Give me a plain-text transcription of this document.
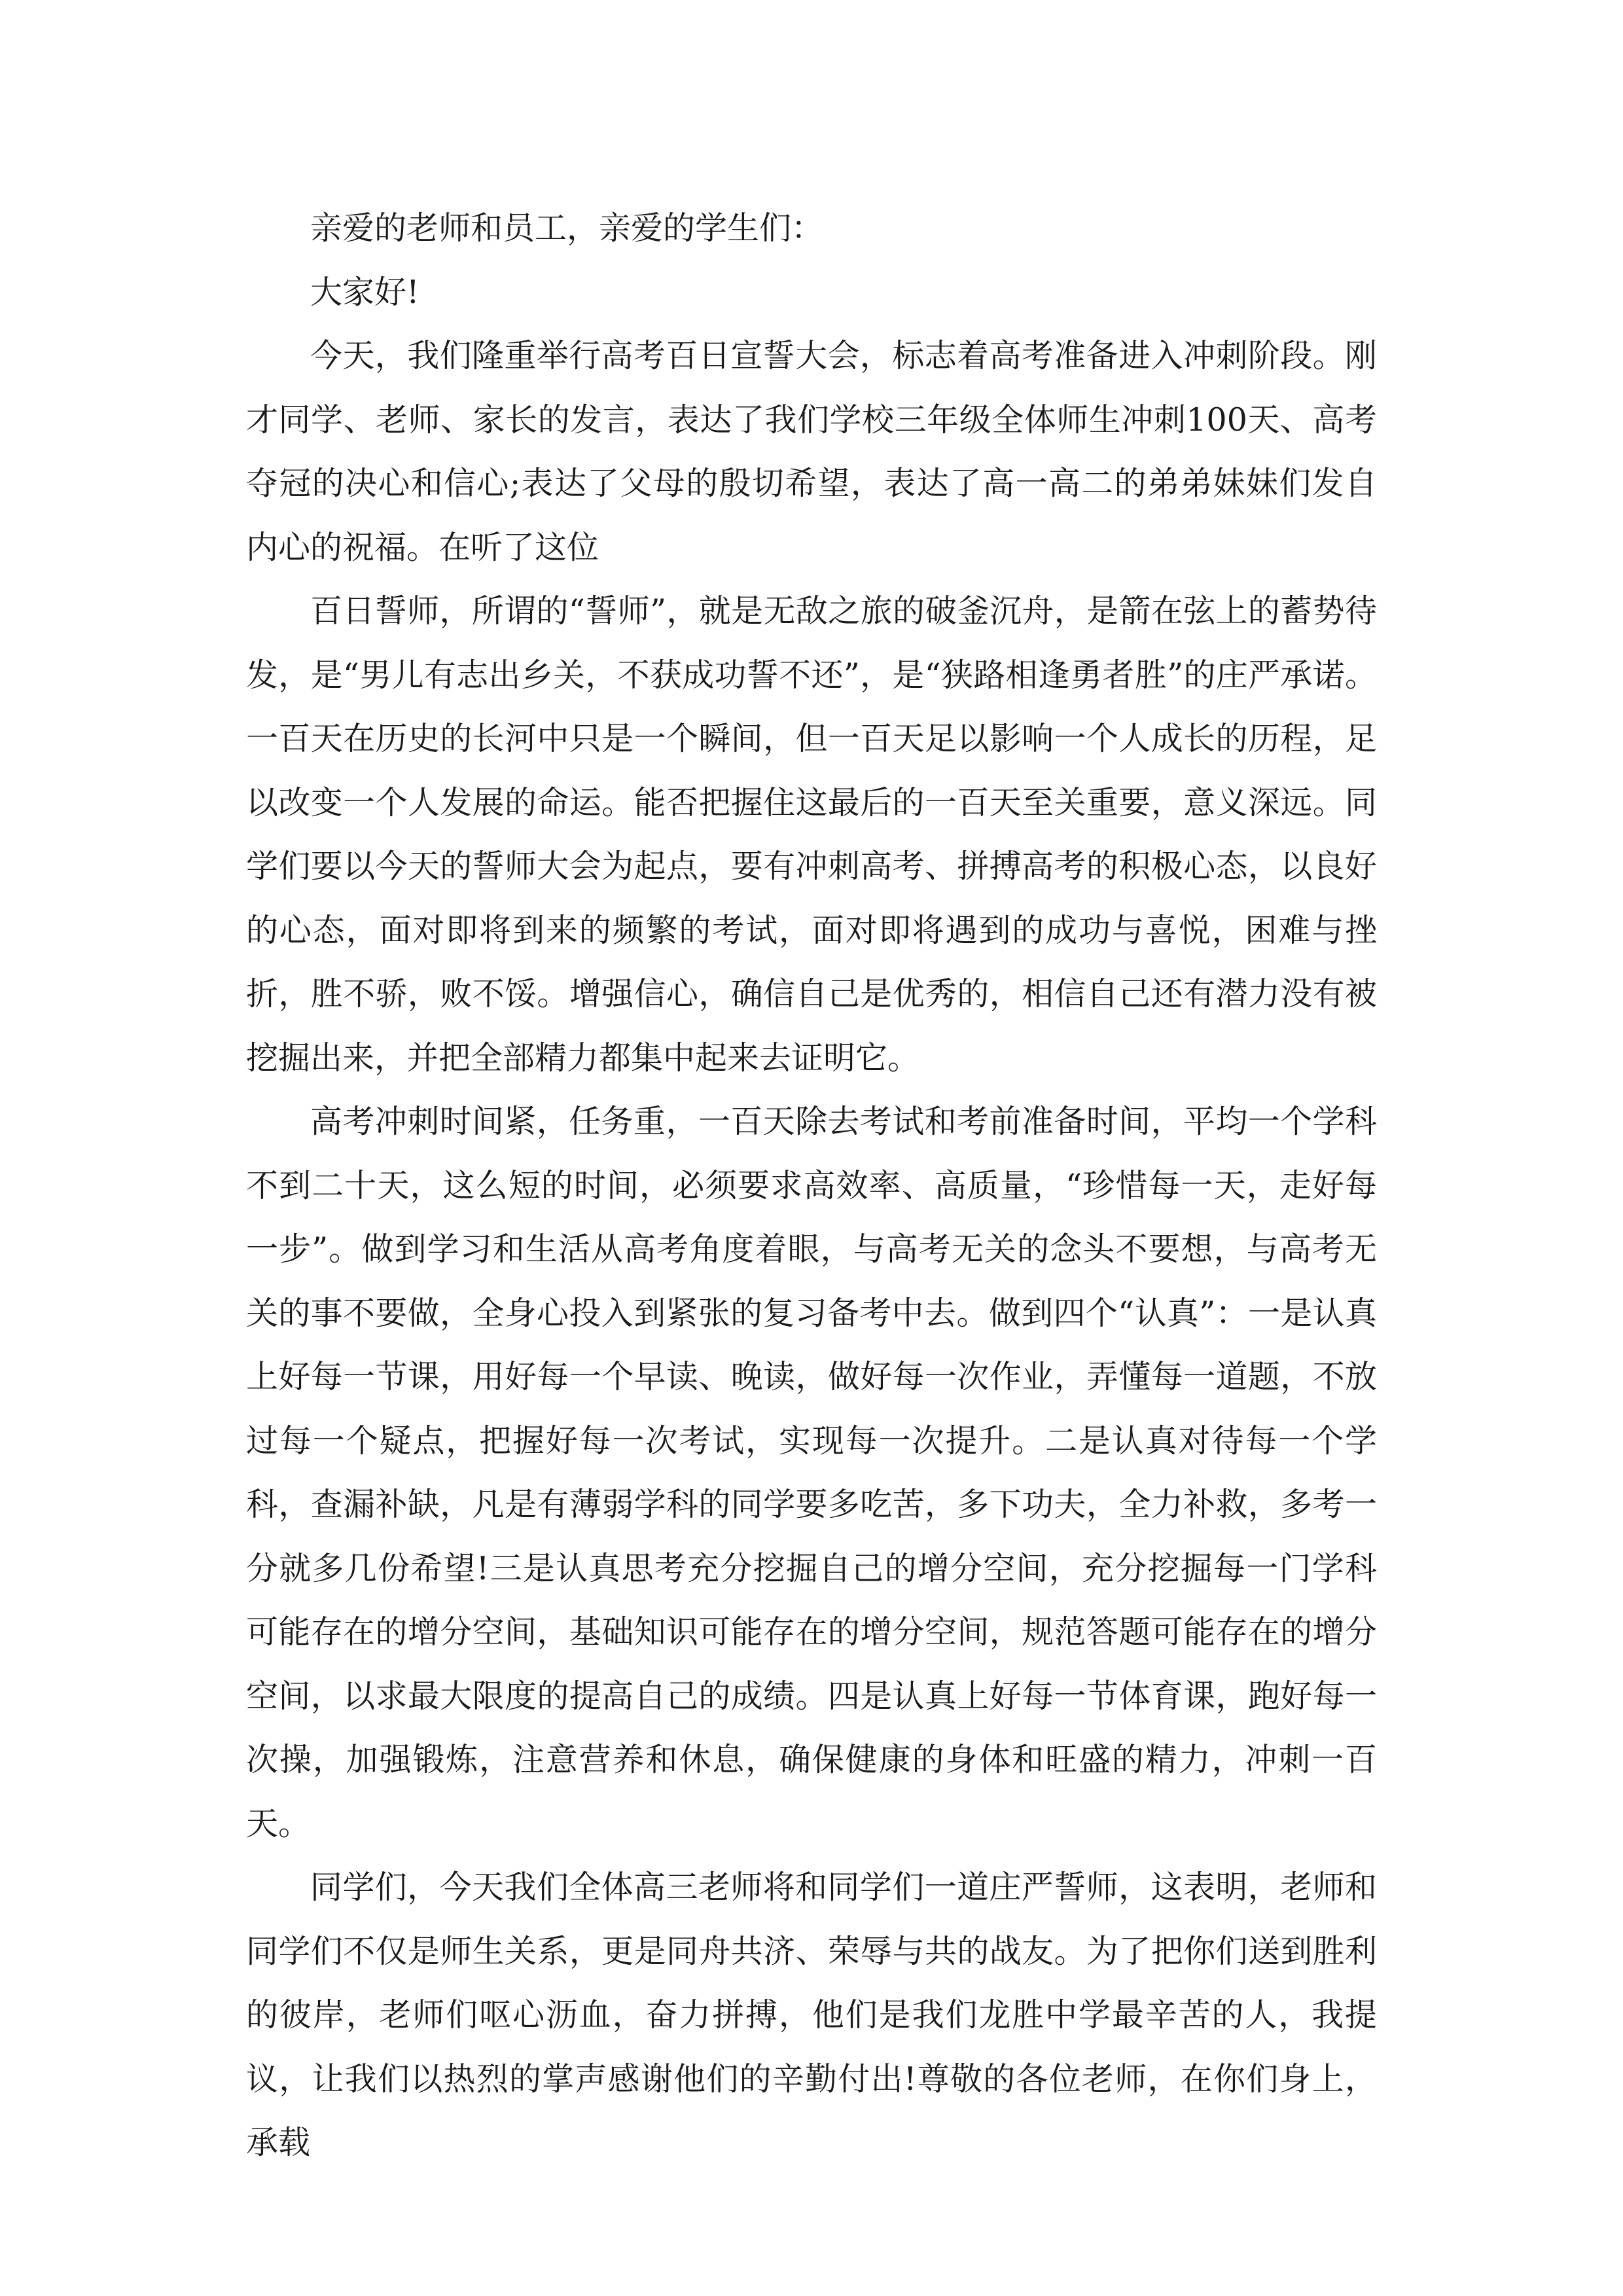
亲爱的老师和员工，亲爱的学生们：

大家好!

今天，我们隆重举行高考百日宣誓大会，标志着高考准备进入冲刺阶段。刚才同学、老师、家长的发言，表达了我们学校三年级全体师生冲刺100天、高考夺冠的决心和信心;表达了父母的殷切希望，表达了高一高二的弟弟妹妹们发自内心的祝福。在听了这位

百日誓师，所谓的“誓师”，就是无敌之旅的破釜沉舟，是箭在弦上的蓄势待发，是“男儿有志出乡关，不获成功誓不还”，是“狭路相逢勇者胜”的庄严承诺。一百天在历史的长河中只是一个瞬间，但一百天足以影响一个人成长的历程，足以改变一个人发展的命运。能否把握住这最后的一百天至关重要，意义深远。同学们要以今天的誓师大会为起点，要有冲刺高考、拼搏高考的积极心态，以良好的心态，面对即将到来的频繁的考试，面对即将遇到的成功与喜悦，困难与挫折，胜不骄，败不馁。增强信心，确信自己是优秀的，相信自己还有潜力没有被挖掘出来，并把全部精力都集中起来去证明它。

高考冲刺时间紧，任务重，一百天除去考试和考前准备时间，平均一个学科不到二十天，这么短的时间，必须要求高效率、高质量，“珍惜每一天，走好每一步”。做到学习和生活从高考角度着眼，与高考无关的念头不要想，与高考无关的事不要做，全身心投入到紧张的复习备考中去。做到四个“认真”：一是认真上好每一节课，用好每一个早读、晚读，做好每一次作业，弄懂每一道题，不放过每一个疑点，把握好每一次考试，实现每一次提升。二是认真对待每一个学科，查漏补缺，凡是有薄弱学科的同学要多吃苦，多下功夫，全力补救，多考一分就多几份希望!三是认真思考充分挖掘自己的增分空间，充分挖掘每一门学科可能存在的增分空间，基础知识可能存在的增分空间，规范答题可能存在的增分空间，以求最大限度的提高自己的成绩。四是认真上好每一节体育课，跑好每一次操，加强锻炼，注意营养和休息，确保健康的身体和旺盛的精力，冲刺一百天。

同学们，今天我们全体高三老师将和同学们一道庄严誓师，这表明，老师和同学们不仅是师生关系，更是同舟共济、荣辱与共的战友。为了把你们送到胜利的彼岸，老师们呕心沥血，奋力拼搏，他们是我们龙胜中学最辛苦的人，我提议，让我们以热烈的掌声感谢他们的辛勤付出!尊敬的各位老师，在你们身上，承载
